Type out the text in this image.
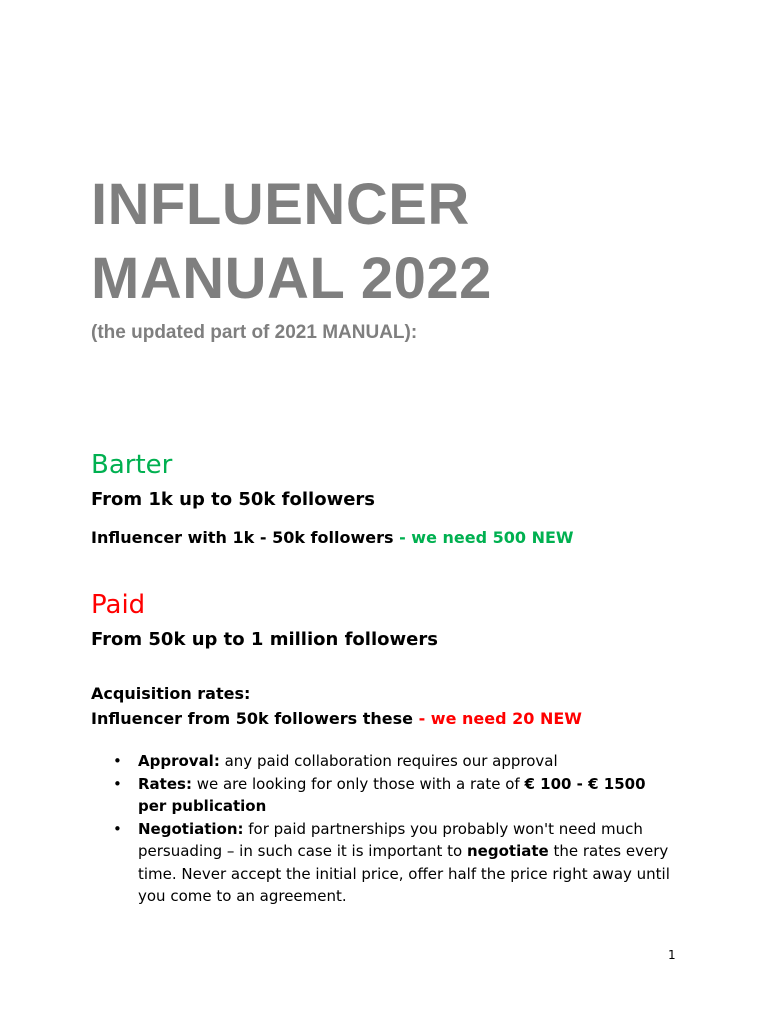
INFLUENCER
MANUAL 2022

(the updated part of 2021 MANUAL):

Barter

From 1k up to 50k followers

Influencer with 1k - 50k followers - we need 500 NEW

Paid

From 50k up to 1 million followers

Acquisition rates:

Influencer from 50k followers these - we need 20 NEW

• Approval: any paid collaboration requires our approval
• Rates: we are looking for only those with a rate of € 100 - € 1500 per publication
• Negotiation: for paid partnerships you probably won't need much persuading – in such case it is important to negotiate the rates every time. Never accept the initial price, offer half the price right away until you come to an agreement.
1
